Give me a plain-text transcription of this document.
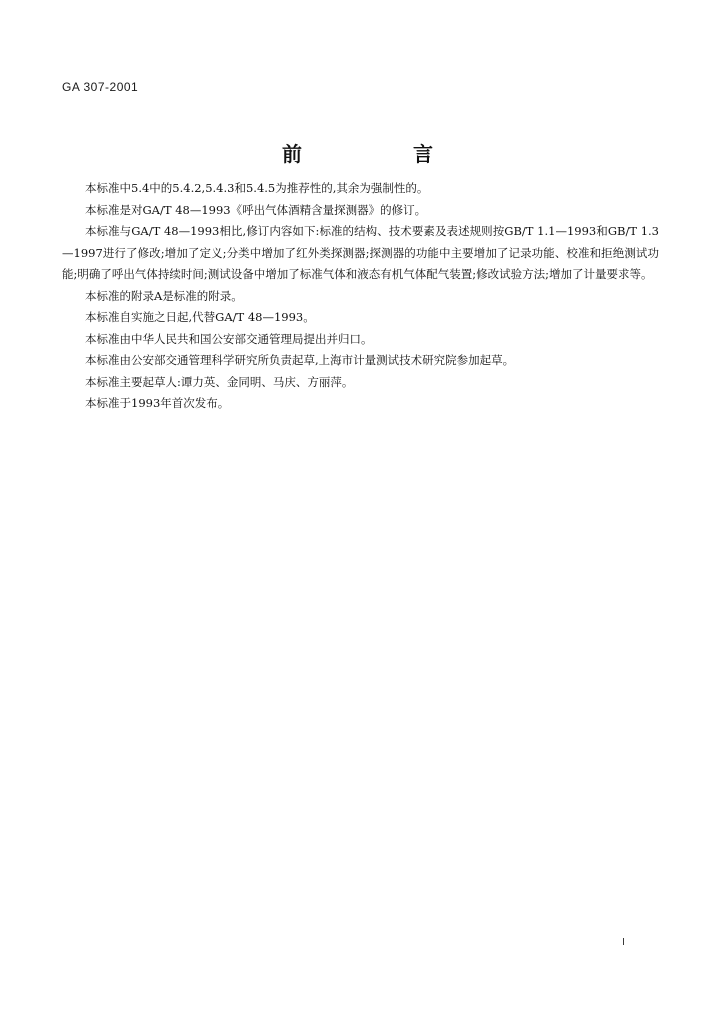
GA 307-2001
前 言

本标准中5.4中的5.4.2,5.4.3和5.4.5为推荐性的,其余为强制性的。

本标准是对GA/T 48—1993《呼出气体酒精含量探测器》的修订。

本标准与GA/T 48—1993相比,修订内容如下:标准的结构、技术要素及表述规则按GB/T 1.1—1993和GB/T 1.3—1997进行了修改;增加了定义;分类中增加了红外类探测器;探测器的功能中主要增加了记录功能、校准和拒绝测试功能;明确了呼出气体持续时间;测试设备中增加了标准气体和液态有机气体配气装置;修改试验方法;增加了计量要求等。

本标准的附录A是标准的附录。

本标准自实施之日起,代替GA/T 48—1993。

本标准由中华人民共和国公安部交通管理局提出并归口。

本标准由公安部交通管理科学研究所负责起草,上海市计量测试技术研究院参加起草。

本标准主要起草人:谭力英、金同明、马庆、方丽萍。

本标准于1993年首次发布。

I
